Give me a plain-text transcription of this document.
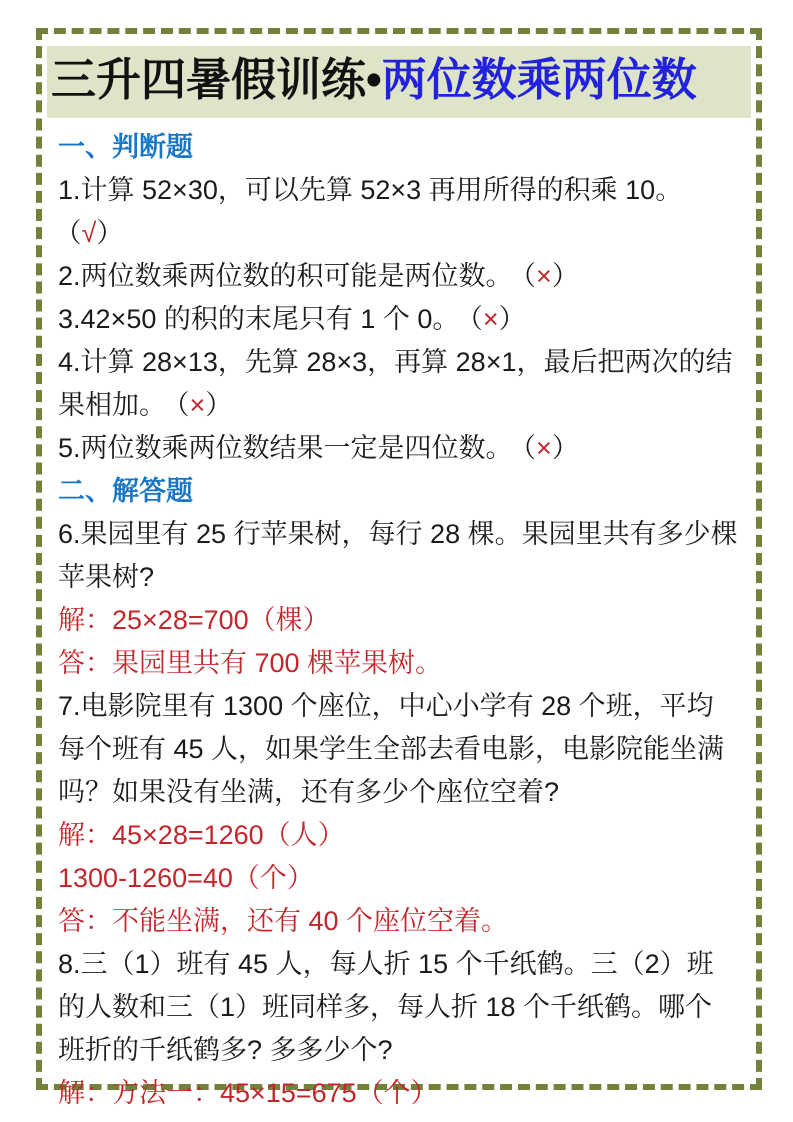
三升四暑假训练•两位数乘两位数

一、判断题

1.计算 52×30，可以先算 52×3 再用所得的积乘 10。（√）

2.两位数乘两位数的积可能是两位数。 （×）

3.42×50 的积的末尾只有 1 个 0。 （×）

4.计算 28×13，先算 28×3，再算 28×1，最后把两次的结果相加。 （×）

5.两位数乘两位数结果一定是四位数。 （×）

二、解答题

6.果园里有 25 行苹果树，每行 28 棵。果园里共有多少棵苹果树?

解：25×28=700（棵）

答：果园里共有 700 棵苹果树。

7.电影院里有 1300 个座位，中心小学有 28 个班，平均每个班有 45 人，如果学生全部去看电影，电影院能坐满吗？如果没有坐满，还有多少个座位空着?

解：45×28=1260（人）

1300-1260=40（个）

答：不能坐满，还有 40 个座位空着。

8.三（1）班有 45 人，每人折 15 个千纸鹤。三（2）班的人数和三（1）班同样多，每人折 18 个千纸鹤。哪个班折的千纸鹤多? 多多少个?

解：方法一：45×15=675（个）
